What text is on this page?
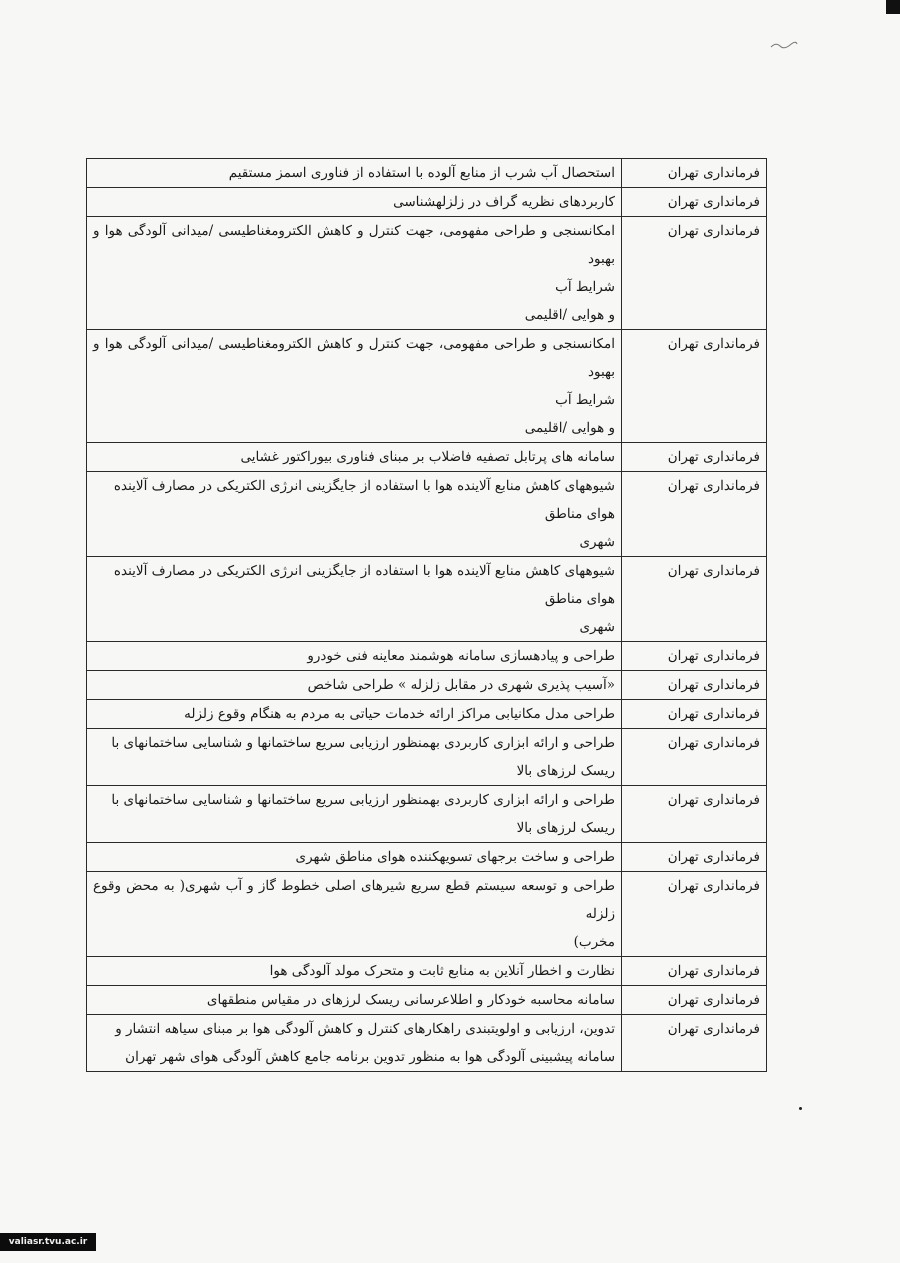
فرمانداری تهران	استحصال آب شرب از منابع آلوده با استفاده از فناوری اسمز مستقیم

فرمانداری تهران	کاربردهای نظریه گراف در زلزلهشناسی

فرمانداری تهران	امکانسنجی و طراحی مفهومی، جهت کنترل و کاهش الکترومغناطیسی /میدانی آلودگی هوا و بهبود
شرایط آب
و هوایی /اقلیمی

فرمانداری تهران	امکانسنجی و طراحی مفهومی، جهت کنترل و کاهش الکترومغناطیسی /میدانی آلودگی هوا و بهبود
شرایط آب
و هوایی /اقلیمی

فرمانداری تهران	سامانه های پرتابل تصفیه فاضلاب بر مبنای فناوری بیوراکتور غشایی

فرمانداری تهران	شیوههای کاهش منابع آلاینده هوا با استفاده از جایگزینی انرژی الکتریکی در مصارف آلاینده
هوای مناطق
شهری

فرمانداری تهران	شیوههای کاهش منابع آلاینده هوا با استفاده از جایگزینی انرژی الکتریکی در مصارف آلاینده
هوای مناطق
شهری

فرمانداری تهران	طراحی و پیادهسازی سامانه هوشمند معاینه فنی خودرو

فرمانداری تهران	«آسیب پذیری شهری در مقابل زلزله » طراحی شاخص

فرمانداری تهران	طراحی مدل مکانیابی مراکز ارائه خدمات حیاتی به مردم به هنگام وقوع زلزله

فرمانداری تهران	طراحی و ارائه ابزاری کاربردی بهمنظور ارزیابی سریع ساختمانها و شناسایی ساختمانهای با
ریسک لرزهای بالا

فرمانداری تهران	طراحی و ارائه ابزاری کاربردی بهمنظور ارزیابی سریع ساختمانها و شناسایی ساختمانهای با
ریسک لرزهای بالا

فرمانداری تهران	طراحی و ساخت برجهای تسویهکننده هوای مناطق شهری

فرمانداری تهران	طراحی و توسعه سیستم قطع سریع شیرهای اصلی خطوط گاز و آب شهری( به محض وقوع زلزله
مخرب)

فرمانداری تهران	نظارت و اخطار آنلاین به منابع ثابت و متحرک مولد آلودگی هوا

فرمانداری تهران	سامانه محاسبه خودکار و اطلاعرسانی ریسک لرزهای در مقیاس منطقهای

فرمانداری تهران	تدوین، ارزیابی و اولویتبندی راهکارهای کنترل و کاهش آلودگی هوا بر مبنای سیاهه انتشار و
سامانه پیشبینی آلودگی هوا به منظور تدوین برنامه جامع کاهش آلودگی هوای شهر تهران
valiasr.tvu.ac.ir
